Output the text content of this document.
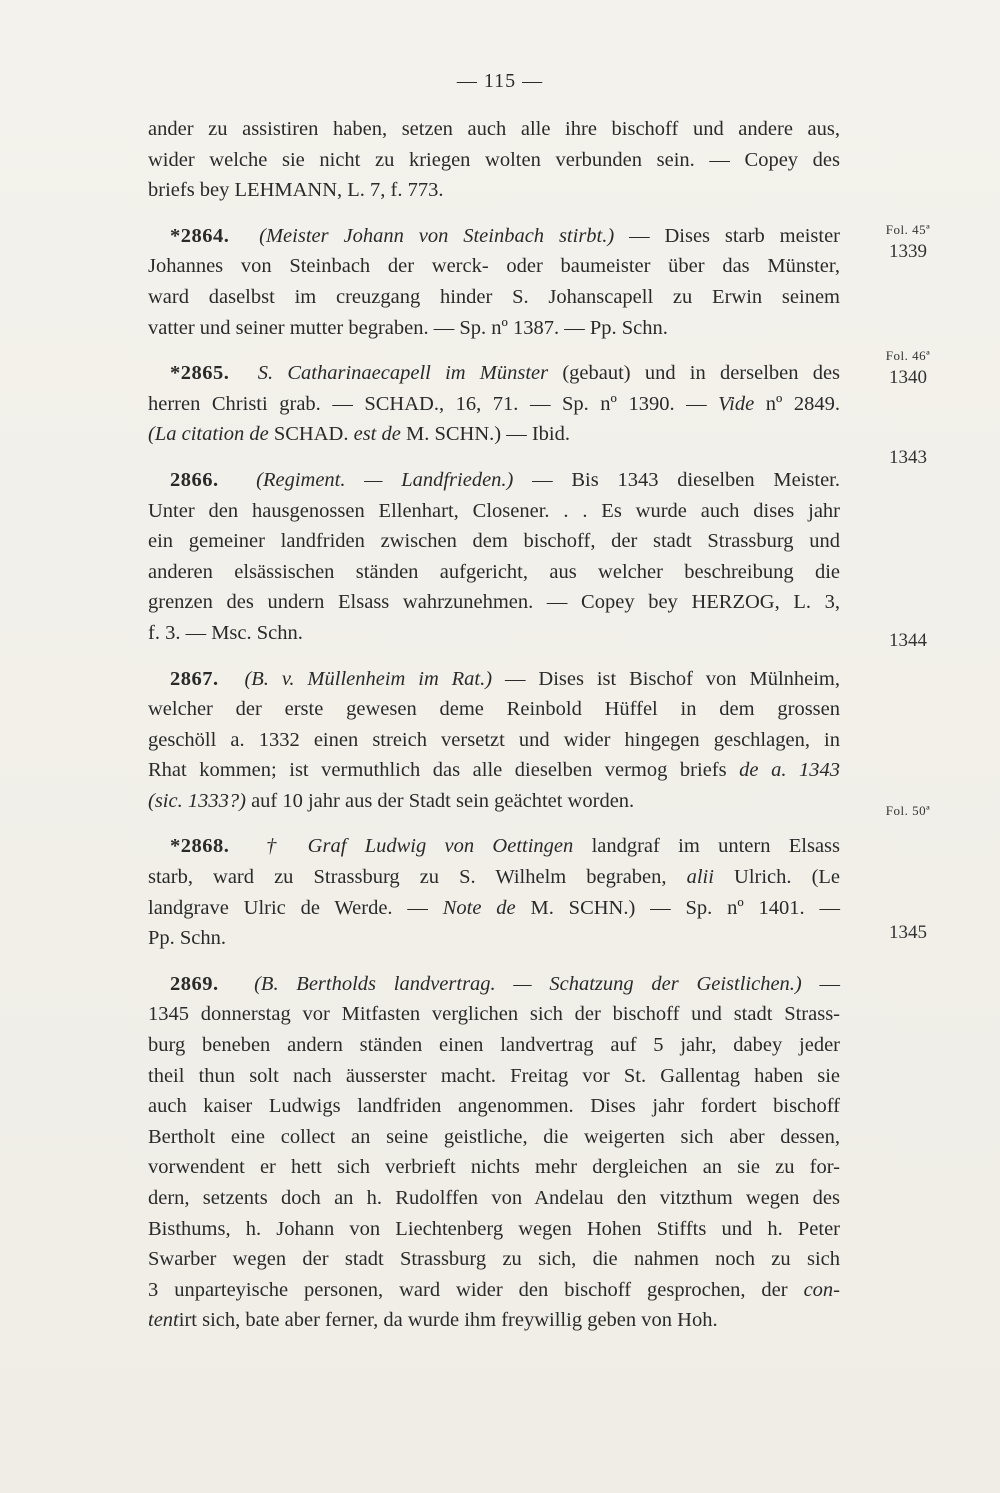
— 115 —
ander zu assistiren haben, setzen auch alle ihre bischoff und andere aus,
wider welche sie nicht zu kriegen wolten verbunden sein. — Copey des
briefs bey LEHMANN, L. 7, f. 773.
*2864. (Meister Johann von Steinbach stirbt.) — Dises starb meister
Johannes von Steinbach der werck- oder baumeister über das Münster,
ward daselbst im creuzgang hinder S. Johanscapell zu Erwin seinem
vatter und seiner mutter begraben. — Sp. nº 1387. — Pp. Schn.
*2865. S. Catharinaecapell im Münster (gebaut) und in derselben des
herren Christi grab. — SCHAD., 16, 71. — Sp. nº 1390. — Vide nº 2849.
(La citation de SCHAD. est de M. SCHN.) — Ibid.
2866. (Regiment. — Landfrieden.) — Bis 1343 dieselben Meister.
Unter den hausgenossen Ellenhart, Closener. . . Es wurde auch dises jahr
ein gemeiner landfriden zwischen dem bischoff, der stadt Strassburg und
anderen elsässischen ständen aufgericht, aus welcher beschreibung die
grenzen des undern Elsass wahrzunehmen. — Copey bey HERZOG, L. 3,
f. 3. — Msc. Schn.
2867. (B. v. Müllenheim im Rat.) — Dises ist Bischof von Mülnheim,
welcher der erste gewesen deme Reinbold Hüffel in dem grossen
geschöll a. 1332 einen streich versetzt und wider hingegen geschlagen, in
Rhat kommen; ist vermuthlich das alle dieselben vermog briefs de a. 1343
(sic. 1333?) auf 10 jahr aus der Stadt sein geächtet worden.
*2868. † Graf Ludwig von Oettingen landgraf im untern Elsass
starb, ward zu Strassburg zu S. Wilhelm begraben, alii Ulrich. (Le
landgrave Ulric de Werde. — Note de M. SCHN.) — Sp. nº 1401. —
Pp. Schn.
2869. (B. Bertholds landvertrag. — Schatzung der Geistlichen.) —
1345 donnerstag vor Mitfasten verglichen sich der bischoff und stadt Strass-
burg beneben andern ständen einen landvertrag auf 5 jahr, dabey jeder
theil thun solt nach äusserster macht. Freitag vor St. Gallentag haben sie
auch kaiser Ludwigs landfriden angenommen. Dises jahr fordert bischoff
Bertholt eine collect an seine geistliche, die weigerten sich aber dessen,
vorwendent er hett sich verbrieft nichts mehr dergleichen an sie zu for-
dern, setzents doch an h. Rudolffen von Andelau den vitzthum wegen des
Bisthums, h. Johann von Liechtenberg wegen Hohen Stiffts und h. Peter
Swarber wegen der stadt Strassburg zu sich, die nahmen noch zu sich
3 unparteyische personen, ward wider den bischoff gesprochen, der con-
tentirt sich, bate aber ferner, da wurde ihm freywillig geben von Hoh.
Fol. 45ª
1339
Fol. 46ª
1340
1343
1344
Fol. 50ª
1345
